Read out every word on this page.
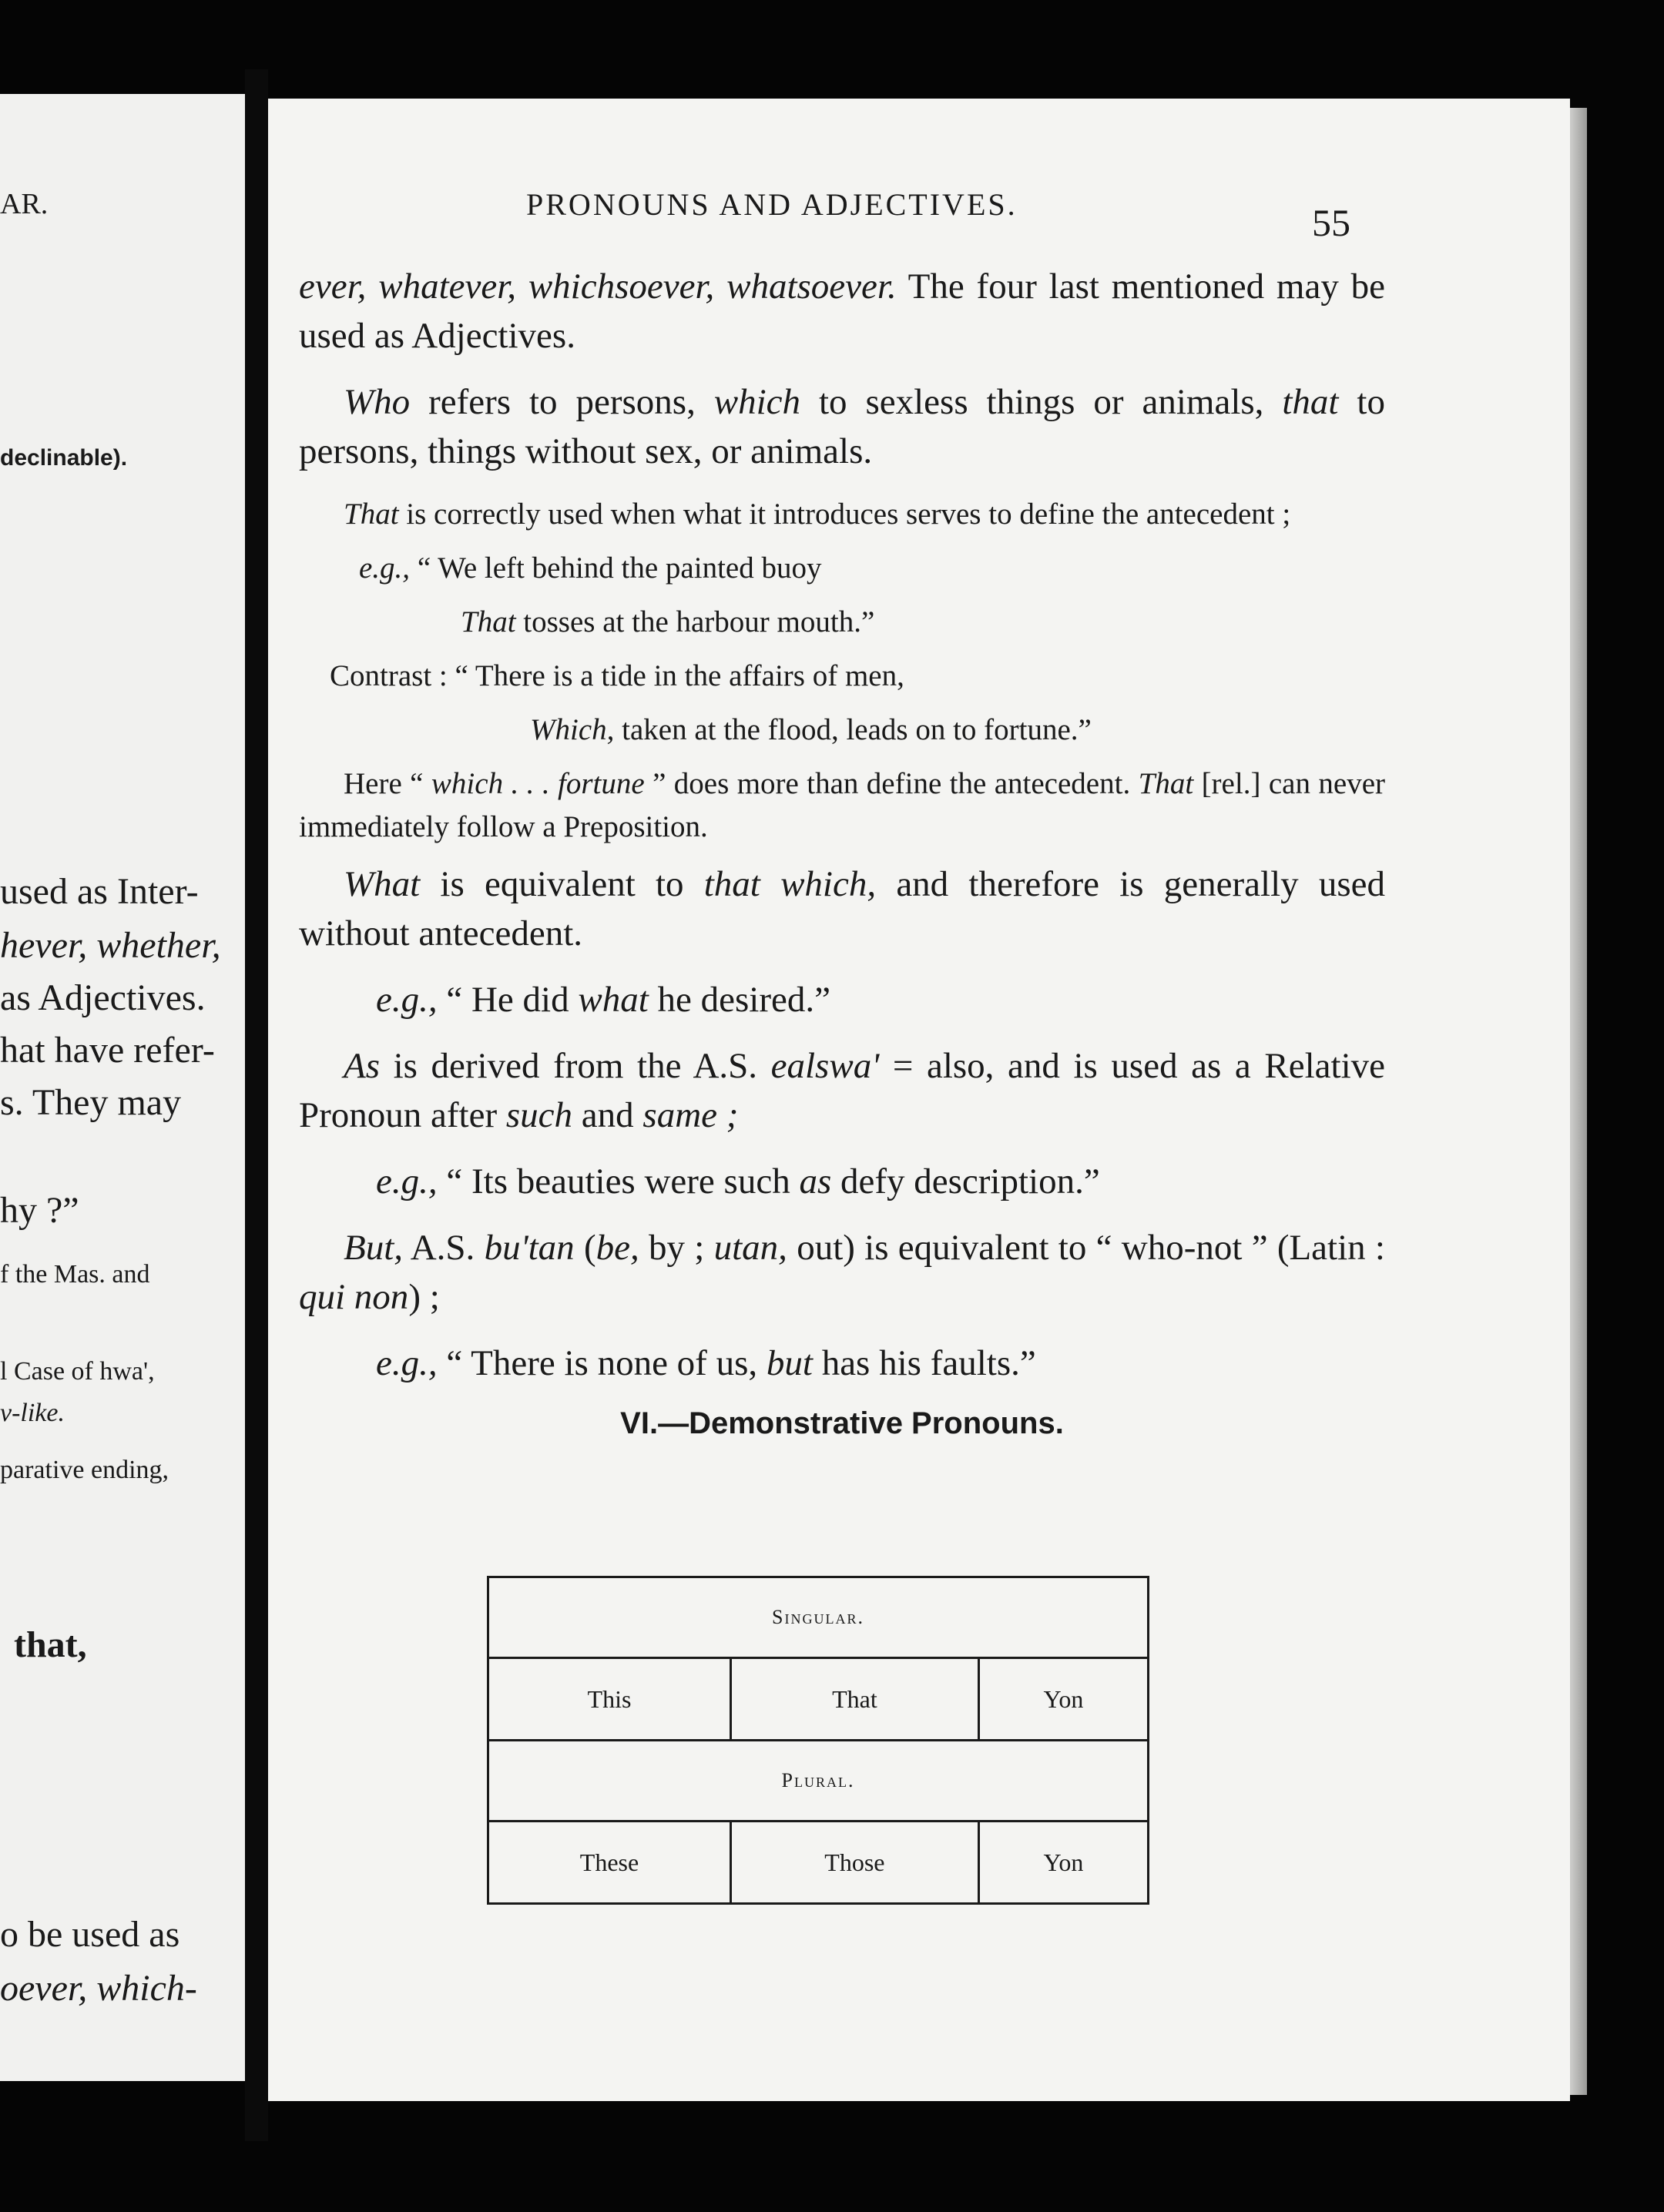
AR.
declinable).
used as Inter-
hever, whether,
as Adjectives.
hat have refer-
s. They may
hy ?”
f the Mas. and
l Case of hwa',
v-like.
parative ending,
that,
o be used as
oever, which-
PRONOUNS AND ADJECTIVES.	55

ever, whatever, whichsoever, whatsoever. The four last mentioned may be used as Adjectives.

Who refers to persons, which to sexless things or animals, that to persons, things without sex, or animals.

That is correctly used when what it introduces serves to define the antecedent ;

e.g., “ We left behind the painted buoy

That tosses at the harbour mouth.”

Contrast : “ There is a tide in the affairs of men,

Which, taken at the flood, leads on to fortune.”

Here “ which . . . fortune ” does more than define the antecedent. That [rel.] can never immediately follow a Preposition.

What is equivalent to that which, and therefore is generally used without antecedent.

e.g., “ He did what he desired.”

As is derived from the A.S. ealswa' = also, and is used as a Relative Pronoun after such and same ;

e.g., “ Its beauties were such as defy description.”

But, A.S. bu'tan (be, by ; utan, out) is equivalent to “ who-not ” (Latin : qui non) ;

e.g., “ There is none of us, but has his faults.”

VI.—Demonstrative Pronouns.
Singular.		
This	That	Yon
Plural.		
These	Those	Yon
